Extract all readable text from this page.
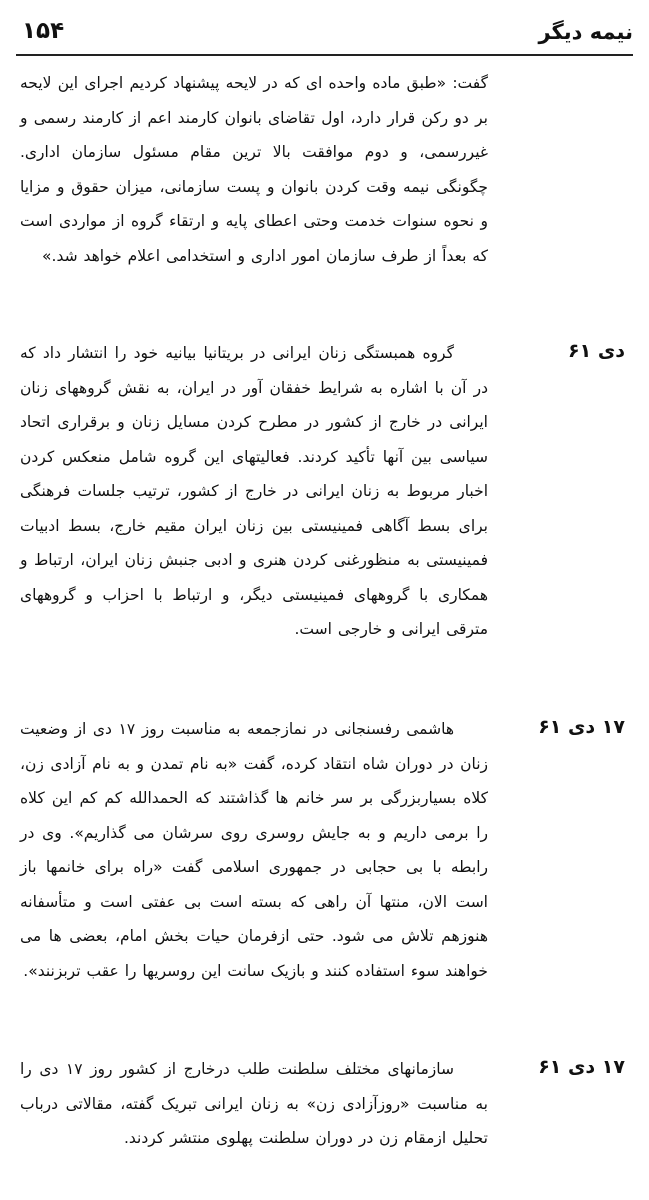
نیمه دیگر
۱۵۴
گفت: «طبق ماده واحده ای که در لایحه پیشنهاد کردیم اجرای این لایحه بر دو رکن قرار دارد، اول تقاضای بانوان کارمند اعم از کارمند رسمی و غیررسمی، و دوم موافقت بالا ترین مقام مسئول سازمان اداری. چگونگی نیمه وقت کردن بانوان و پست سازمانی، میزان حقوق و مزایا و نحوه سنوات خدمت وحتی اعطای پایه و ارتقاء گروه از مواردی است که بعداً از طرف سازمان امور اداری و استخدامی اعلام خواهد شد.»
دی ۶۱
گروه همبستگی زنان ایرانی در بریتانیا بیانیه خود را انتشار داد که در آن با اشاره به شرایط خفقان آور در ایران، به نقش گروههای زنان ایرانی در خارج از کشور در مطرح کردن مسایل زنان و برقراری اتحاد سیاسی بین آنها تأکید کردند. فعالیتهای این گروه شامل منعکس کردن اخبار مربوط به زنان ایرانی در خارج از کشور، ترتیب جلسات فرهنگی برای بسط آگاهی فمینیستی بین زنان ایران مقیم خارج، بسط ادبیات فمینیستی به منظورغنی کردن هنری و ادبی جنبش زنان ایران، ارتباط و همکاری با گروههای فمینیستی دیگر، و ارتباط با احزاب و گروههای مترقی ایرانی و خارجی است.
۱۷ دی ۶۱
هاشمی رفسنجانی در نمازجمعه به مناسبت روز ۱۷ دی از وضعیت زنان در دوران شاه انتقاد کرده، گفت «به نام تمدن و به نام آزادی زن، کلاه بسیاربزرگی بر سر خانم ها گذاشتند که الحمدالله کم کم این کلاه را برمی داریم و به جایش روسری روی سرشان می گذاریم». وی در رابطه با بی حجابی در جمهوری اسلامی گفت «راه برای خانمها باز است الان، منتها آن راهی که بسته است بی عفتی است و متأسفانه هنوزهم تلاش می شود. حتی ازفرمان حیات بخش امام، بعضی ها می خواهند سوء استفاده کنند و بازیک سانت این روسریها را عقب تربزنند».
۱۷ دی ۶۱
سازمانهای مختلف سلطنت طلب درخارج از کشور روز ۱۷ دی را به مناسبت «روزآزادی زن» به زنان ایرانی تبریک گفته، مقالاتی درباب تحلیل ازمقام زن در دوران سلطنت پهلوی منتشر کردند.
